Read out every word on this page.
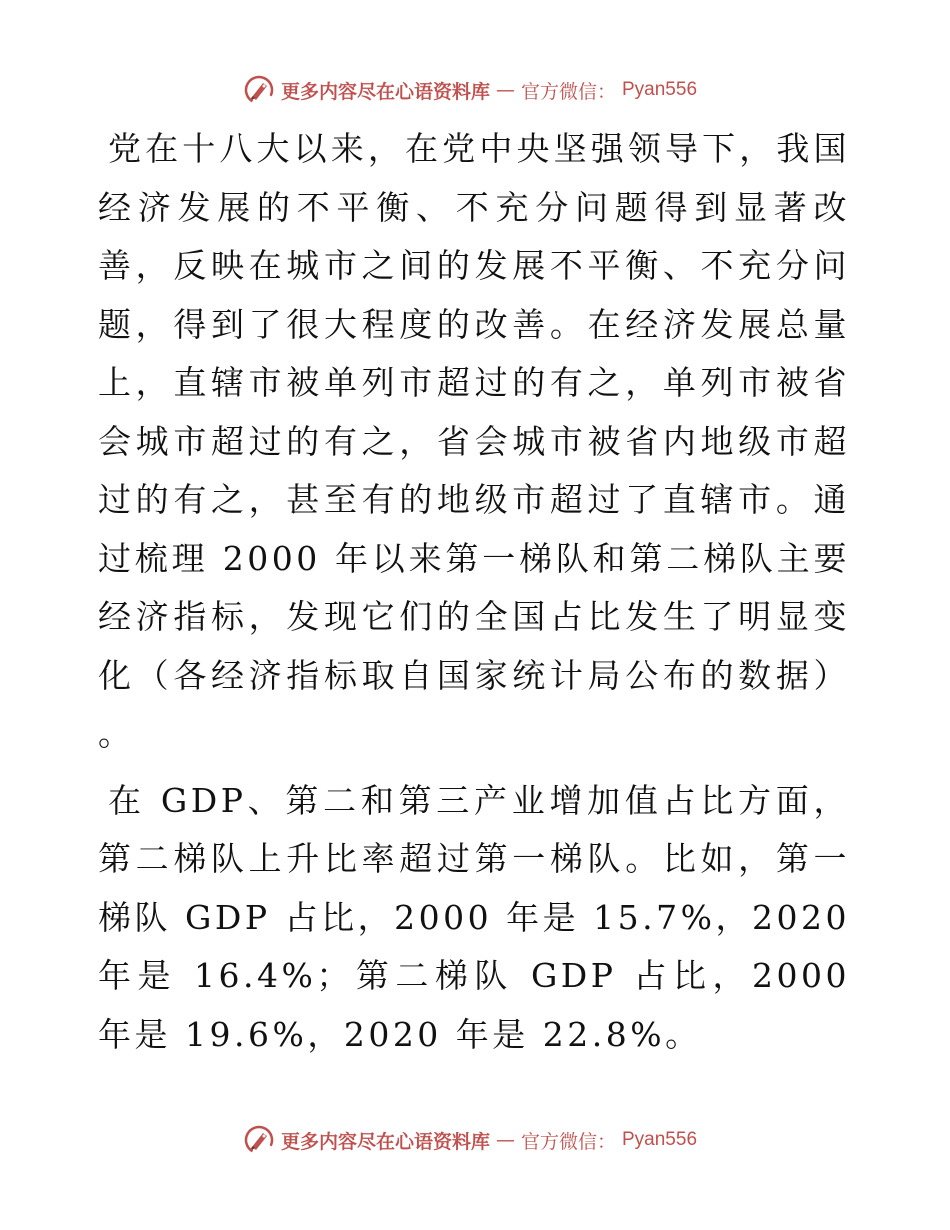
更多内容尽在心语资料库 — 官方微信： Pyan556

党在十八大以来，在党中央坚强领导下，我国经济发展的不平衡、不充分问题得到显著改善，反映在城市之间的发展不平衡、不充分问题，得到了很大程度的改善。在经济发展总量上，直辖市被单列市超过的有之，单列市被省会城市超过的有之，省会城市被省内地级市超过的有之，甚至有的地级市超过了直辖市。通过梳理 2000 年以来第一梯队和第二梯队主要经济指标，发现它们的全国占比发生了明显变化（各经济指标取自国家统计局公布的数据） 。

在 GDP、第二和第三产业增加值占比方面，第二梯队上升比率超过第一梯队。比如，第一梯队 GDP 占比，2000 年是 15.7%，2020 年是 16.4%；第二梯队 GDP 占比，2000 年是 19.6%，2020 年是 22.8%。

更多内容尽在心语资料库 — 官方微信： Pyan556
